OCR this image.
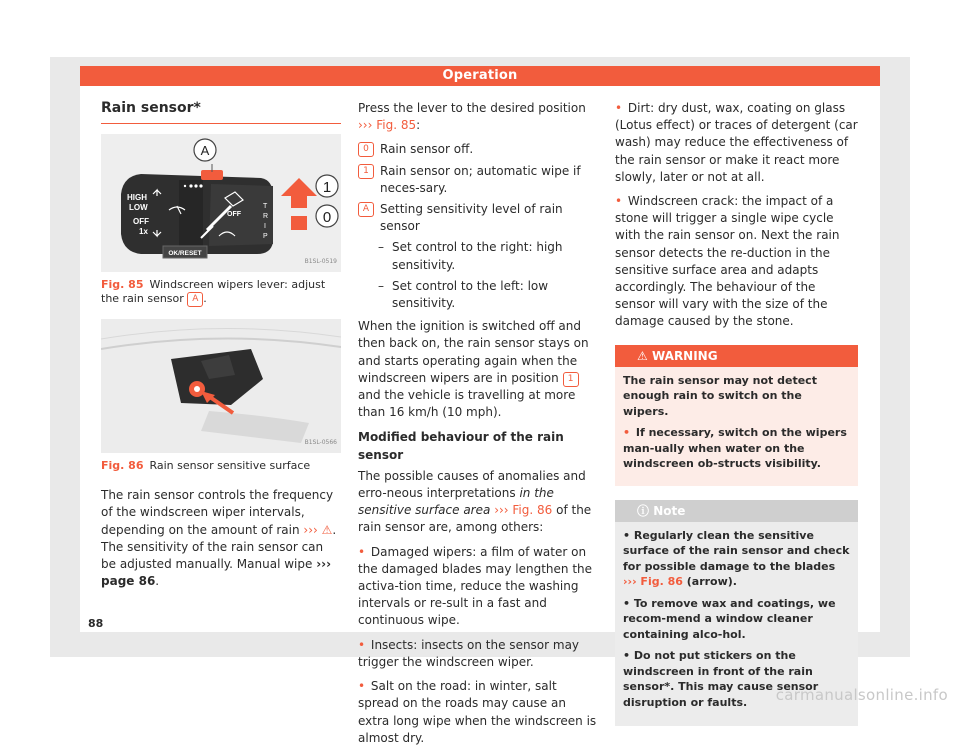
Operation
Rain sensor*
A
HIGH
LOW
OFF
1x
OFF
T
R
I
P
OK/RESET
1
0
B1SL-0519
Fig. 85 Windscreen wipers lever: adjust the rain sensor A .
B1SL-0566
Fig. 86 Rain sensor sensitive surface

The rain sensor controls the frequency of the windscreen wiper intervals, depending on the amount of rain ››› ⚠. The sensitivity of the rain sensor can be adjusted manually. Manual wipe ››› page 86.

Press the lever to the desired position ››› Fig. 85:

0 Rain sensor off.
1 Rain sensor on; automatic wipe if neces-sary.
A Setting sensitivity level of rain sensor
– Set control to the right: high sensitivity.
– Set control to the left: low sensitivity.

When the ignition is switched off and then back on, the rain sensor stays on and starts operating again when the windscreen wipers are in position 1 and the vehicle is travelling at more than 16 km/h (10 mph).

Modified behaviour of the rain sensor

The possible causes of anomalies and erro-neous interpretations in the sensitive surface area ››› Fig. 86 of the rain sensor are, among others:

• Damaged wipers: a film of water on the damaged blades may lengthen the activa-tion time, reduce the washing intervals or re-sult in a fast and continuous wipe.

• Insects: insects on the sensor may trigger the windscreen wiper.

• Salt on the road: in winter, salt spread on the roads may cause an extra long wipe when the windscreen is almost dry.

• Dirt: dry dust, wax, coating on glass (Lotus effect) or traces of detergent (car wash) may reduce the effectiveness of the rain sensor or make it react more slowly, later or not at all.

• Windscreen crack: the impact of a stone will trigger a single wipe cycle with the rain sensor on. Next the rain sensor detects the re-duction in the sensitive surface area and adapts accordingly. The behaviour of the sensor will vary with the size of the damage caused by the stone.

⚠ WARNING

The rain sensor may not detect enough rain to switch on the wipers.

• If necessary, switch on the wipers man-ually when water on the windscreen ob-structs visibility.

ⓘ Note

• Regularly clean the sensitive surface of the rain sensor and check for possible damage to the blades ››› Fig. 86 (arrow).

• To remove wax and coatings, we recom-mend a window cleaner containing alco-hol.

• Do not put stickers on the windscreen in front of the rain sensor*. This may cause sensor disruption or faults.

88
carmanualsonline.info
